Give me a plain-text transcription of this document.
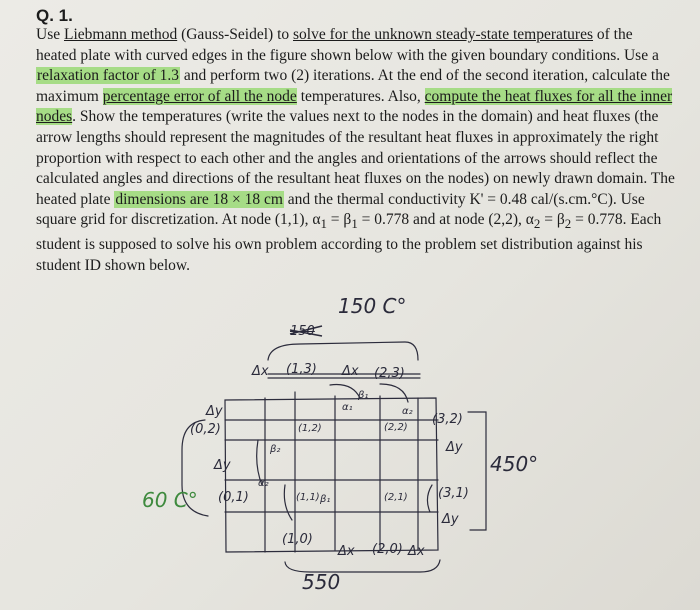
Q. 1.

Use Liebmann method (Gauss-Seidel) to solve for the unknown steady-state temperatures of the heated plate with curved edges in the figure shown below with the given boundary conditions. Use a relaxation factor of 1.3 and perform two (2) iterations. At the end of the second iteration, calculate the maximum percentage error of all the node temperatures. Also, compute the heat fluxes for all the inner nodes. Show the temperatures (write the values next to the nodes in the domain) and heat fluxes (the arrow lengths should represent the magnitudes of the resultant heat fluxes in approximately the right proportion with respect to each other and the angles and orientations of the arrows should reflect the calculated angles and directions of the resultant heat fluxes on the nodes) on newly drawn domain. The heated plate dimensions are 18 × 18 cm and the thermal conductivity K' = 0.48 cal/(s.cm.°C). Use square grid for discretization. At node (1,1), $\alpha_1 = \beta_1 = 0.778$ and at node (2,2), $\alpha_2 = \beta_2 = 0.778$. Each student is supposed to solve his own problem according to the problem set distribution against his student ID shown below.

150 C°
150
60 C°
450°
550
(1,3)	(2,3)
(0,2)
(0,1)
(1,2)	(2,2)
(3,2)
(1,1)	(2,1) (3,1)
(1,0)
(2,0)
Δx	Δx
Δx	Δx
Δy
Δy
Δy
Δy
α₁
β₁
α₂
β₂
α₂
β₁
